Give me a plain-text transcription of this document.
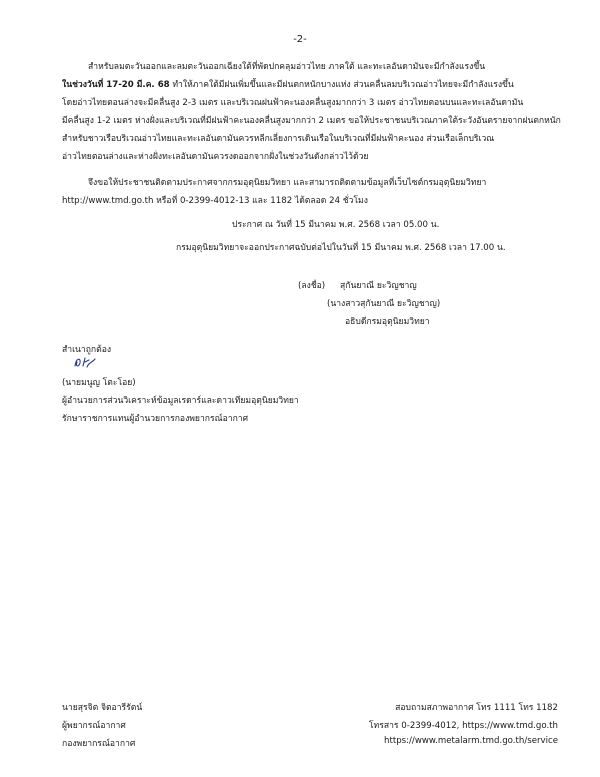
-2-
สำหรับลมตะวันออกและลมตะวันออกเฉียงใต้ที่พัดปกคลุมอ่าวไทย ภาคใต้ และทะเลอันดามันจะมีกำลังแรงขึ้น
ในช่วงวันที่ 17-20 มี.ค. 68 ทำให้ภาคใต้มีฝนเพิ่มขึ้นและมีฝนตกหนักบางแห่ง ส่วนคลื่นลมบริเวณอ่าวไทยจะมีกำลังแรงขึ้น
โดยอ่าวไทยตอนล่างจะมีคลื่นสูง 2-3 เมตร และบริเวณฝนฟ้าคะนองคลื่นสูงมากกว่า 3 เมตร อ่าวไทยตอนบนและทะเลอันดามัน
มีคลื่นสูง 1-2 เมตร ห่างฝั่งและบริเวณที่มีฝนฟ้าคะนองคลื่นสูงมากกว่า 2 เมตร ขอให้ประชาชนบริเวณภาคใต้ระวังอันตรายจากฝนตกหนัก
สำหรับชาวเรือบริเวณอ่าวไทยและทะเลอันดามันควรหลีกเลี่ยงการเดินเรือในบริเวณที่มีฝนฟ้าคะนอง ส่วนเรือเล็กบริเวณ
อ่าวไทยตอนล่างและห่างฝั่งทะเลอันดามันควรงดออกจากฝั่งในช่วงวันดังกล่าวไว้ด้วย
จึงขอให้ประชาชนติดตามประกาศจากกรมอุตุนิยมวิทยา และสามารถติดตามข้อมูลที่เว็บไซต์กรมอุตุนิยมวิทยา
http://www.tmd.go.th หรือที่ 0-2399-4012-13 และ 1182 ได้ตลอด 24 ชั่วโมง
ประกาศ ณ วันที่ 15 มีนาคม พ.ศ. 2568 เวลา 05.00 น.
กรมอุตุนิยมวิทยาจะออกประกาศฉบับต่อไปในวันที่ 15 มีนาคม พ.ศ. 2568 เวลา 17.00 น.
(ลงชื่อ) สุกันยาณี ยะวิญชาญ
(นางสาวสุกันยาณี ยะวิญชาญ)
อธิบดีกรมอุตุนิยมวิทยา
สำเนาถูกต้อง
(นายมนูญ โตะโอย)
ผู้อำนวยการส่วนวิเคราะห์ข้อมูลเรดาร์และดาวเทียมอุตุนิยมวิทยา
รักษาราชการแทนผู้อำนวยการกองพยากรณ์อากาศ
นายสุรจิต จิตอารีรัตน์
ผู้พยากรณ์อากาศ
กองพยากรณ์อากาศ
สอบถามสภาพอากาศ โทร 1111 โทร 1182
โทรสาร 0-2399-4012, https://www.tmd.go.th
https://www.metalarm.tmd.go.th/service
